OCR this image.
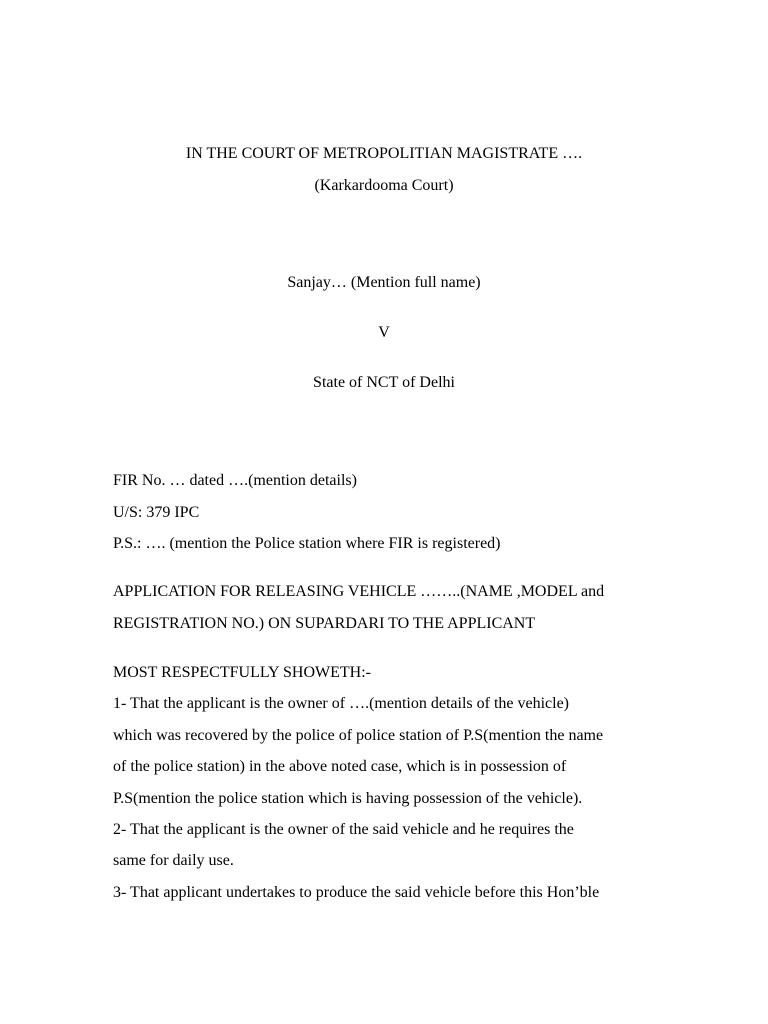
IN THE COURT OF METROPOLITIAN MAGISTRATE ….
(Karkardooma Court)
Sanjay… (Mention full name)
V
State of NCT of Delhi
FIR No. … dated ….(mention details)
U/S: 379 IPC
P.S.: …. (mention the Police station where FIR is registered)
APPLICATION FOR RELEASING VEHICLE ……..(NAME ,MODEL and
REGISTRATION NO.) ON SUPARDARI TO THE APPLICANT
MOST RESPECTFULLY SHOWETH:-
1- That the applicant is the owner of ….(mention details of the vehicle)
which was recovered by the police of police station of P.S(mention the name
of the police station) in the above noted case, which is in possession of
P.S(mention the police station which is having possession of the vehicle).
2- That the applicant is the owner of the said vehicle and he requires the
same for daily use.
3- That applicant undertakes to produce the said vehicle before this Hon’ble
